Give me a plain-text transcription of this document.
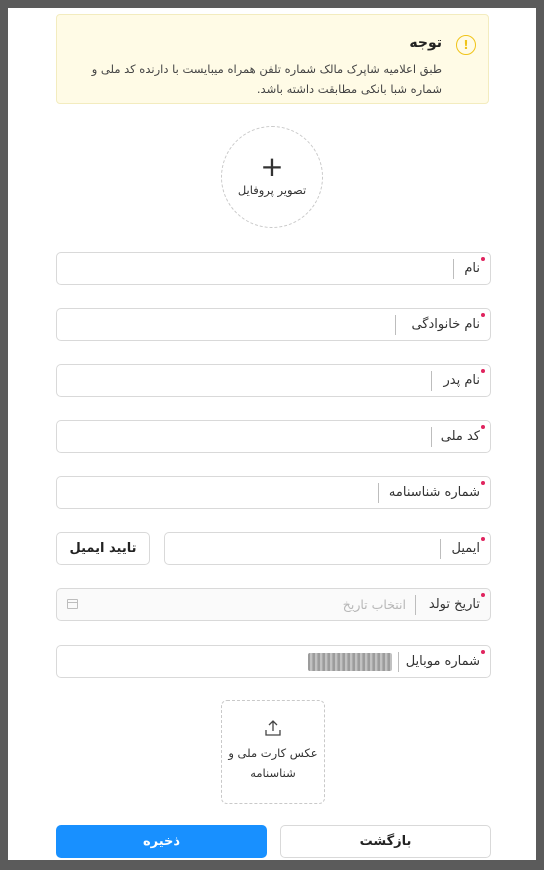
!
توجه
طبق اعلامیه شاپرک مالک شماره تلفن همراه میبایست با دارنده کد ملی و شماره شبا بانکی مطابقت داشته باشد.
+
تصویر پروفایل
نام
نام خانوادگی
نام پدر
کد ملی
شماره شناسنامه
تایید ایمیل	ایمیل
تاریخ تولد
انتخاب تاریخ
شماره موبایل
عکس کارت ملی و شناسنامه
ذخیره	بازگشت
